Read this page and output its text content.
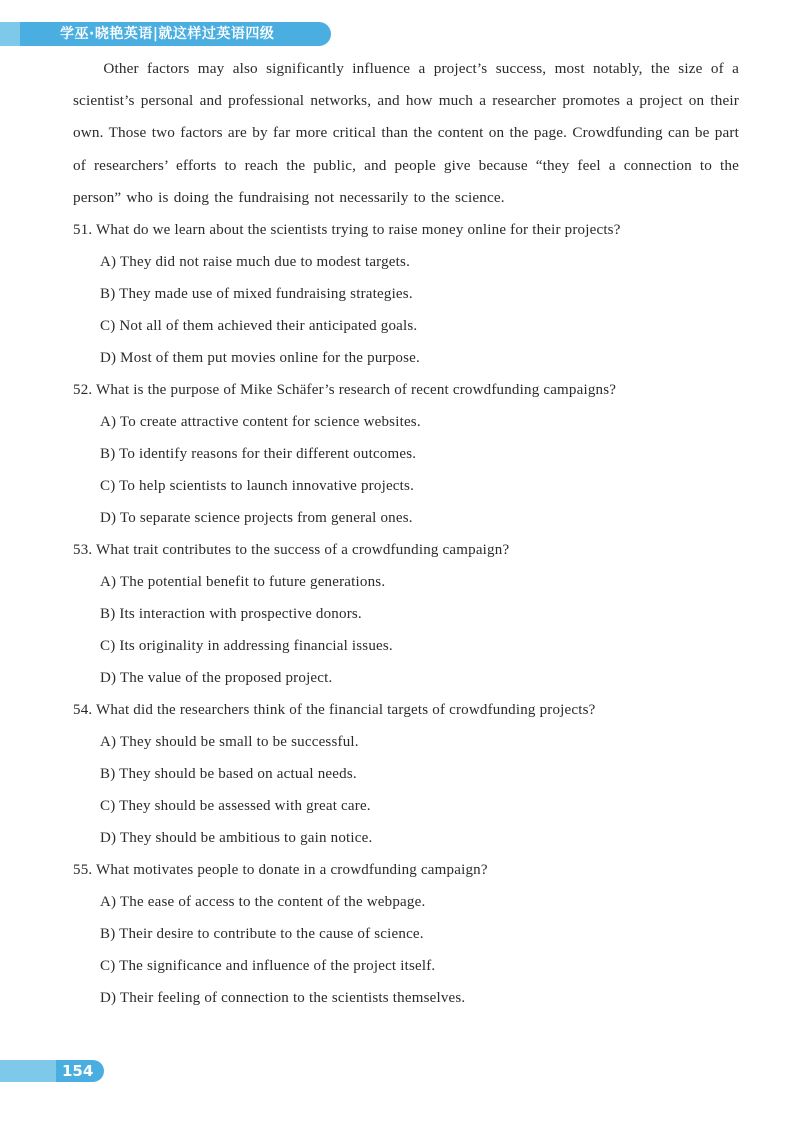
学巫·晓艳英语|就这样过英语四级

Other factors may also significantly influence a project’s success, most notably, the size of a scientist’s personal and professional networks, and how much a researcher promotes a project on their own. Those two factors are by far more critical than the content on the page. Crowdfunding can be part of researchers’ efforts to reach the public, and people give because “they feel a connection to the person” who is doing the fundraising not necessarily to the science.

51. What do we learn about the scientists trying to raise money online for their projects?
A) They did not raise much due to modest targets.
B) They made use of mixed fundraising strategies.
C) Not all of them achieved their anticipated goals.
D) Most of them put movies online for the purpose.
52. What is the purpose of Mike Schäfer’s research of recent crowdfunding campaigns?
A) To create attractive content for science websites.
B) To identify reasons for their different outcomes.
C) To help scientists to launch innovative projects.
D) To separate science projects from general ones.
53. What trait contributes to the success of a crowdfunding campaign?
A) The potential benefit to future generations.
B) Its interaction with prospective donors.
C) Its originality in addressing financial issues.
D) The value of the proposed project.
54. What did the researchers think of the financial targets of crowdfunding projects?
A) They should be small to be successful.
B) They should be based on actual needs.
C) They should be assessed with great care.
D) They should be ambitious to gain notice.
55. What motivates people to donate in a crowdfunding campaign?
A) The ease of access to the content of the webpage.
B) Their desire to contribute to the cause of science.
C) The significance and influence of the project itself.
D) Their feeling of connection to the scientists themselves.
154
